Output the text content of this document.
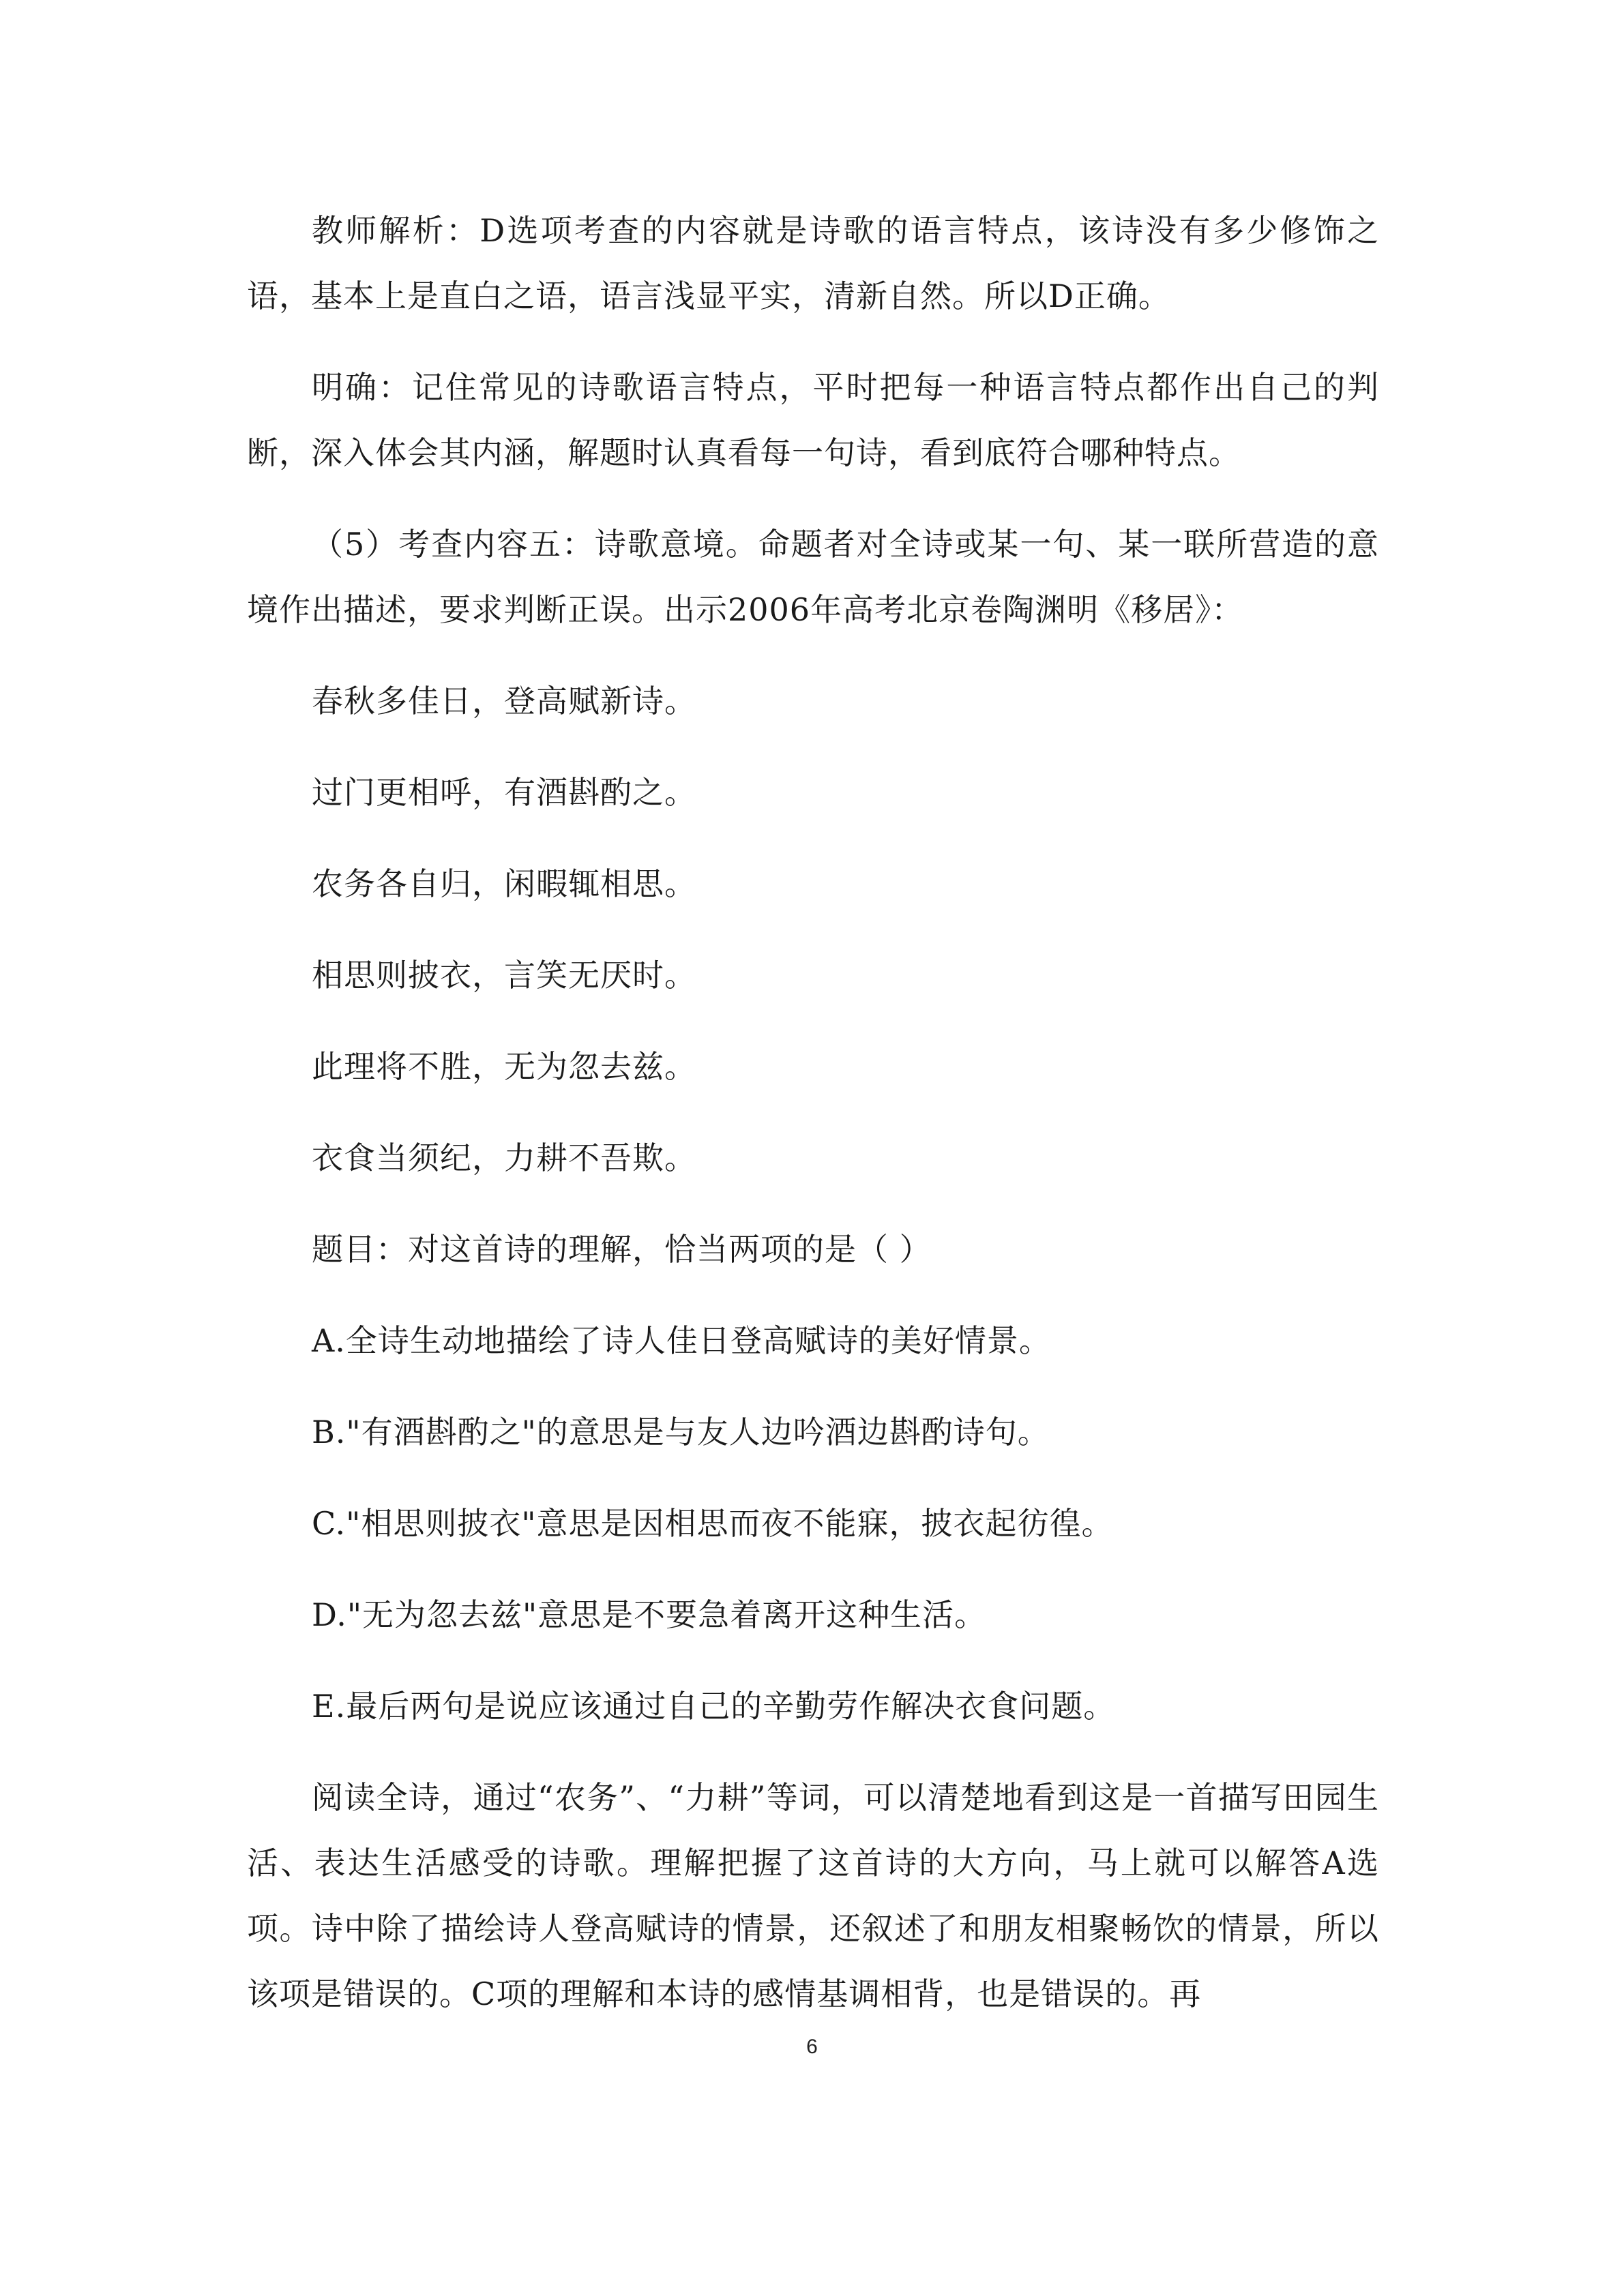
教师解析：D选项考查的内容就是诗歌的语言特点，该诗没有多少修饰之语，基本上是直白之语，语言浅显平实，清新自然。所以D正确。

明确：记住常见的诗歌语言特点，平时把每一种语言特点都作出自己的判断，深入体会其内涵，解题时认真看每一句诗，看到底符合哪种特点。

（5）考查内容五：诗歌意境。命题者对全诗或某一句、某一联所营造的意境作出描述，要求判断正误。出示2006年高考北京卷陶渊明《移居》：

春秋多佳日，登高赋新诗。

过门更相呼，有酒斟酌之。

农务各自归，闲暇辄相思。

相思则披衣，言笑无厌时。

此理将不胜，无为忽去兹。

衣食当须纪，力耕不吾欺。

题目：对这首诗的理解，恰当两项的是（ ）

A.全诗生动地描绘了诗人佳日登高赋诗的美好情景。

B."有酒斟酌之"的意思是与友人边吟酒边斟酌诗句。

C."相思则披衣"意思是因相思而夜不能寐，披衣起彷徨。

D."无为忽去兹"意思是不要急着离开这种生活。

E.最后两句是说应该通过自己的辛勤劳作解决衣食问题。

阅读全诗，通过“农务”、“力耕”等词，可以清楚地看到这是一首描写田园生活、表达生活感受的诗歌。理解把握了这首诗的大方向，马上就可以解答A选项。诗中除了描绘诗人登高赋诗的情景，还叙述了和朋友相聚畅饮的情景，所以该项是错误的。C项的理解和本诗的感情基调相背，也是错误的。再

6
